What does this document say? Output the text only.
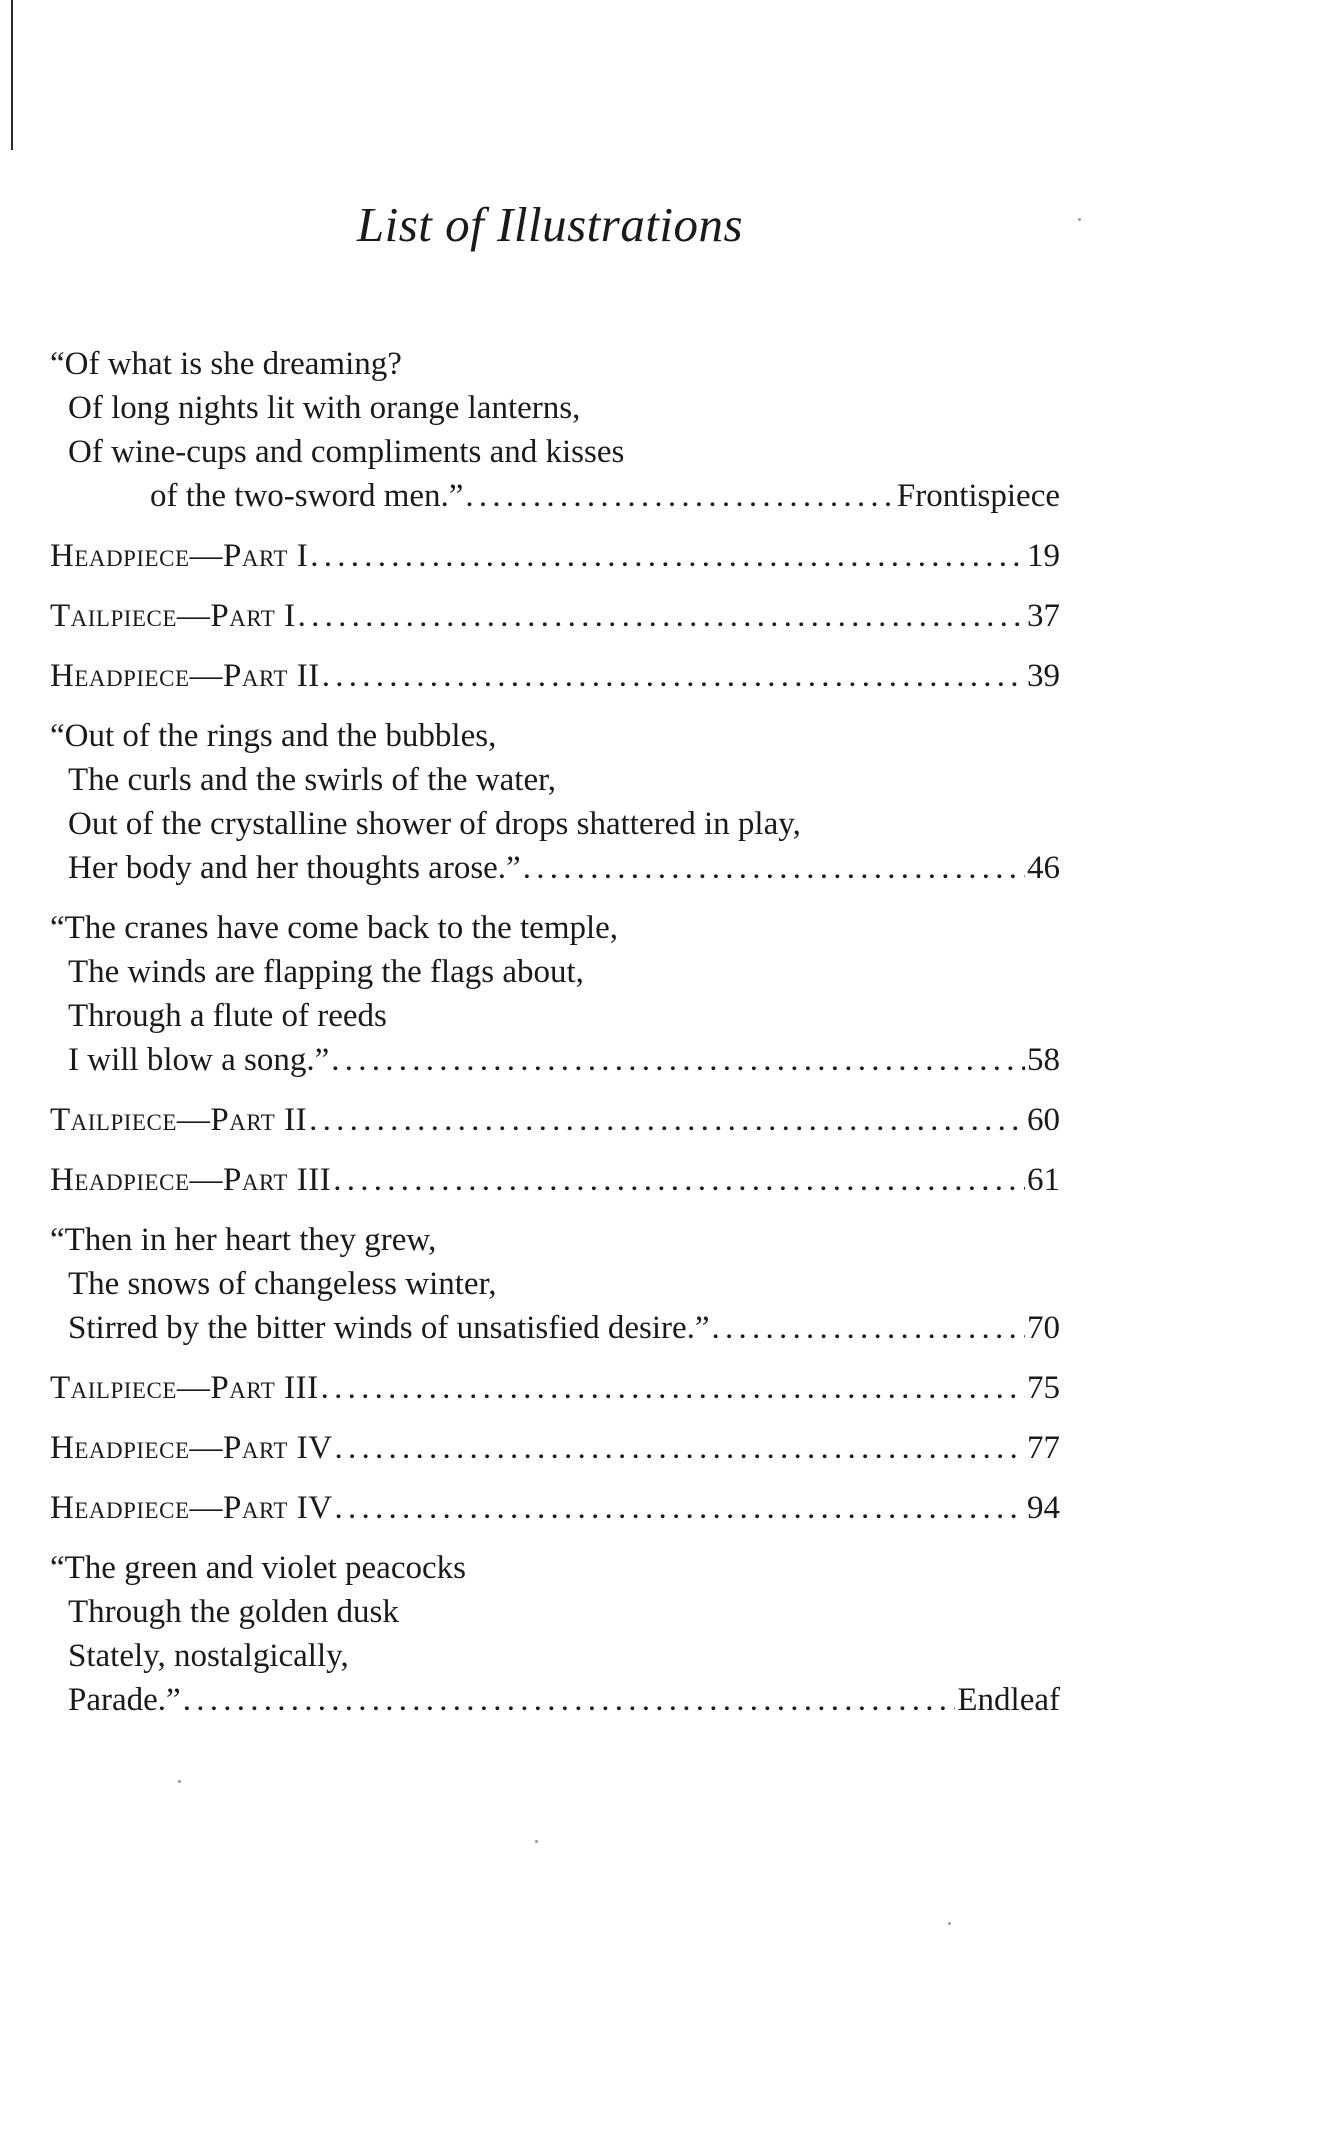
List of Illustrations
“Of what is she dreaming?
Of long nights lit with orange lanterns,
Of wine-cups and compliments and kisses
of the two-sword men.” . . .	Frontispiece
Headpiece—Part I . . .	19
Tailpiece—Part I . . .	37
Headpiece—Part II . . .	39
“Out of the rings and the bubbles,
The curls and the swirls of the water,
Out of the crystalline shower of drops shattered in play,
Her body and her thoughts arose.” . . .	46
“The cranes have come back to the temple,
The winds are flapping the flags about,
Through a flute of reeds
I will blow a song.” . . .	58
Tailpiece—Part II . . .	60
Headpiece—Part III . . .	61
“Then in her heart they grew,
The snows of changeless winter,
Stirred by the bitter winds of unsatisfied desire.” . . .	70
Tailpiece—Part III . . .	75
Headpiece—Part IV . . .	77
Headpiece—Part IV . . .	94
“The green and violet peacocks
Through the golden dusk
Stately, nostalgically,
Parade.” . . .	Endleaf
